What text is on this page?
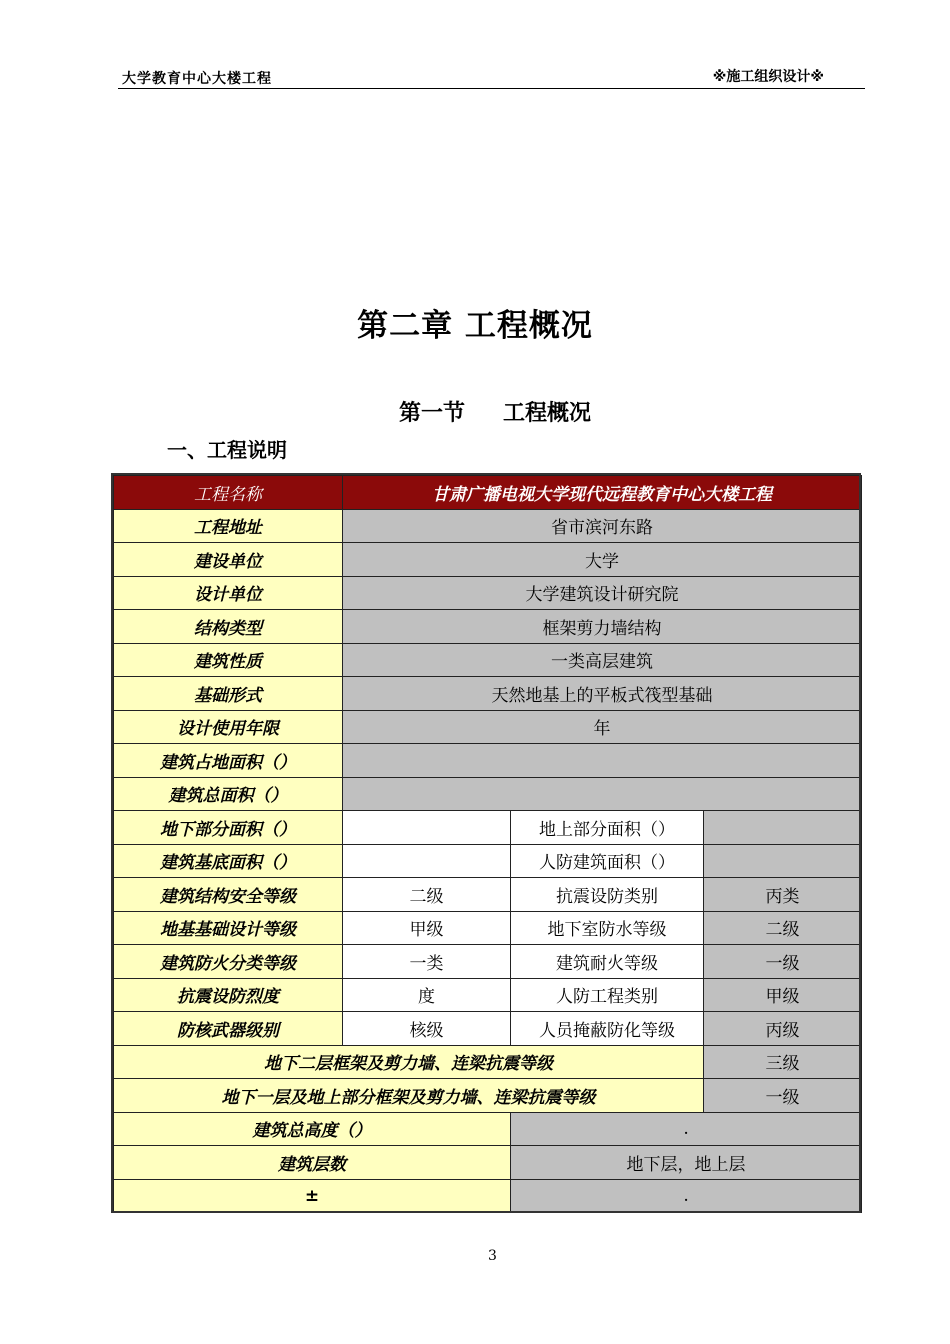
大学教育中心大楼工程	※施工组织设计※
第二章 工程概况
第一节 工程概况
一、工程说明
工程名称	甘肃广播电视大学现代远程教育中心大楼工程		
工程地址	省市滨河东路		
建设单位	大学		
设计单位	大学建筑设计研究院		
结构类型	框架剪力墙结构		
建筑性质	一类高层建筑		
基础形式	天然地基上的平板式筏型基础		
设计使用年限	年		
建筑占地面积（）			
建筑总面积（）			
地下部分面积（）		地上部分面积（）	
建筑基底面积（）		人防建筑面积（）	
建筑结构安全等级	二级	抗震设防类别	丙类
地基基础设计等级	甲级	地下室防水等级	二级
建筑防火分类等级	一类	建筑耐火等级	一级
抗震设防烈度	度	人防工程类别	甲级
防核武器级别	核级	人员掩蔽防化等级	丙级
地下二层框架及剪力墙、连梁抗震等级			三级
地下一层及地上部分框架及剪力墙、连梁抗震等级			一级
建筑总高度（）		.	
建筑层数		地下层，地上层	
±		.	
3
